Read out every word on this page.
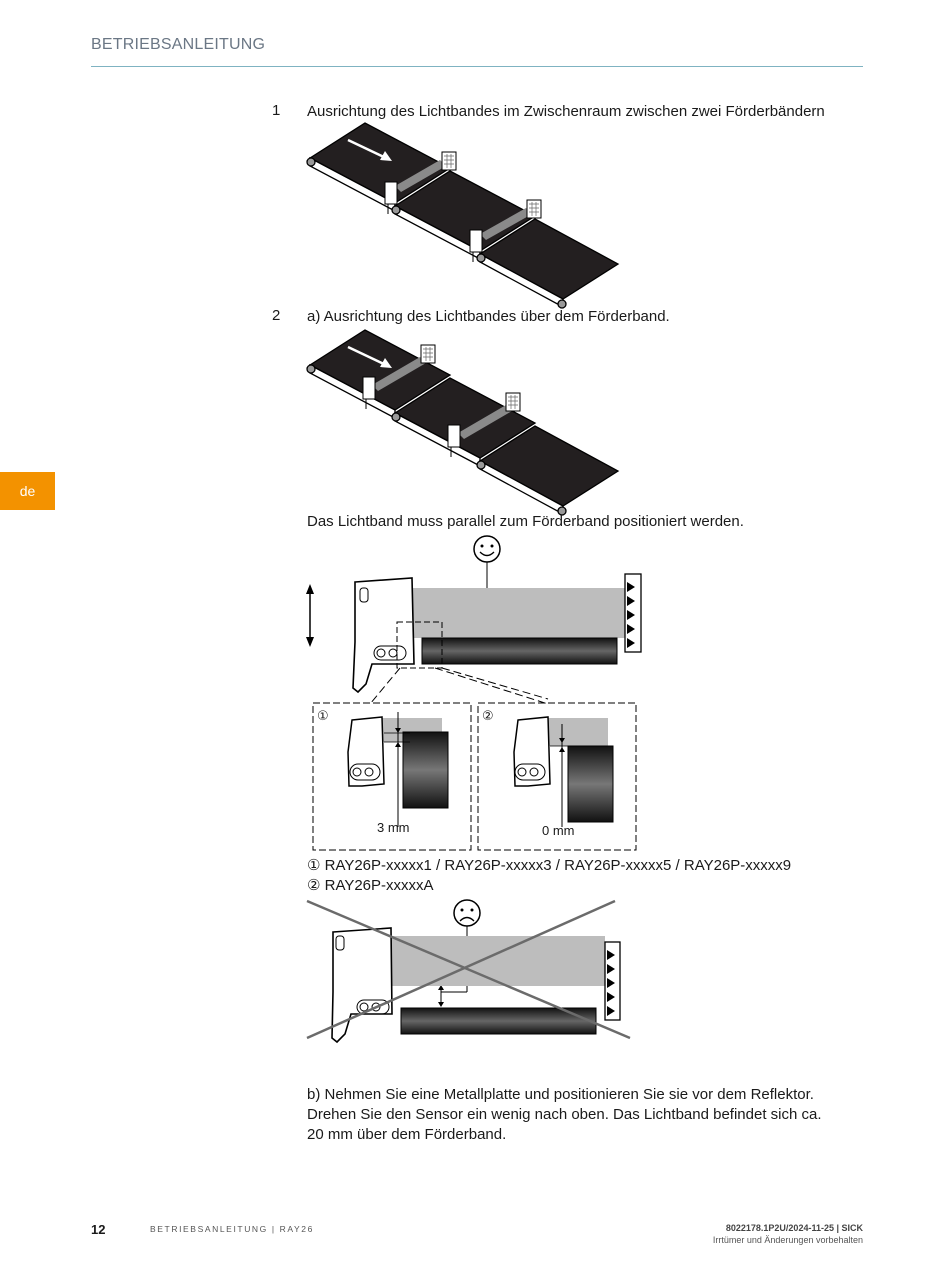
BETRIEBSANLEITUNG
de
1 Ausrichtung des Lichtbandes im Zwischenraum zwischen zwei Förderbändern
2 a) Ausrichtung des Lichtbandes über dem Förderband.
Das Lichtband muss parallel zum Förderband positioniert werden.
①	②
3 mm	0 mm
① RAY26P-xxxxx1 / RAY26P-xxxxx3 / RAY26P-xxxxx5 / RAY26P-xxxxx9
② RAY26P-xxxxxA
b) Nehmen Sie eine Metallplatte und positionieren Sie sie vor dem Reflektor.
Drehen Sie den Sensor ein wenig nach oben. Das Lichtband befindet sich ca.
20 mm über dem Förderband.
12	BETRIEBSANLEITUNG | RAY26	8022178.1P2U/2024-11-25 | SICK
Irrtümer und Änderungen vorbehalten
